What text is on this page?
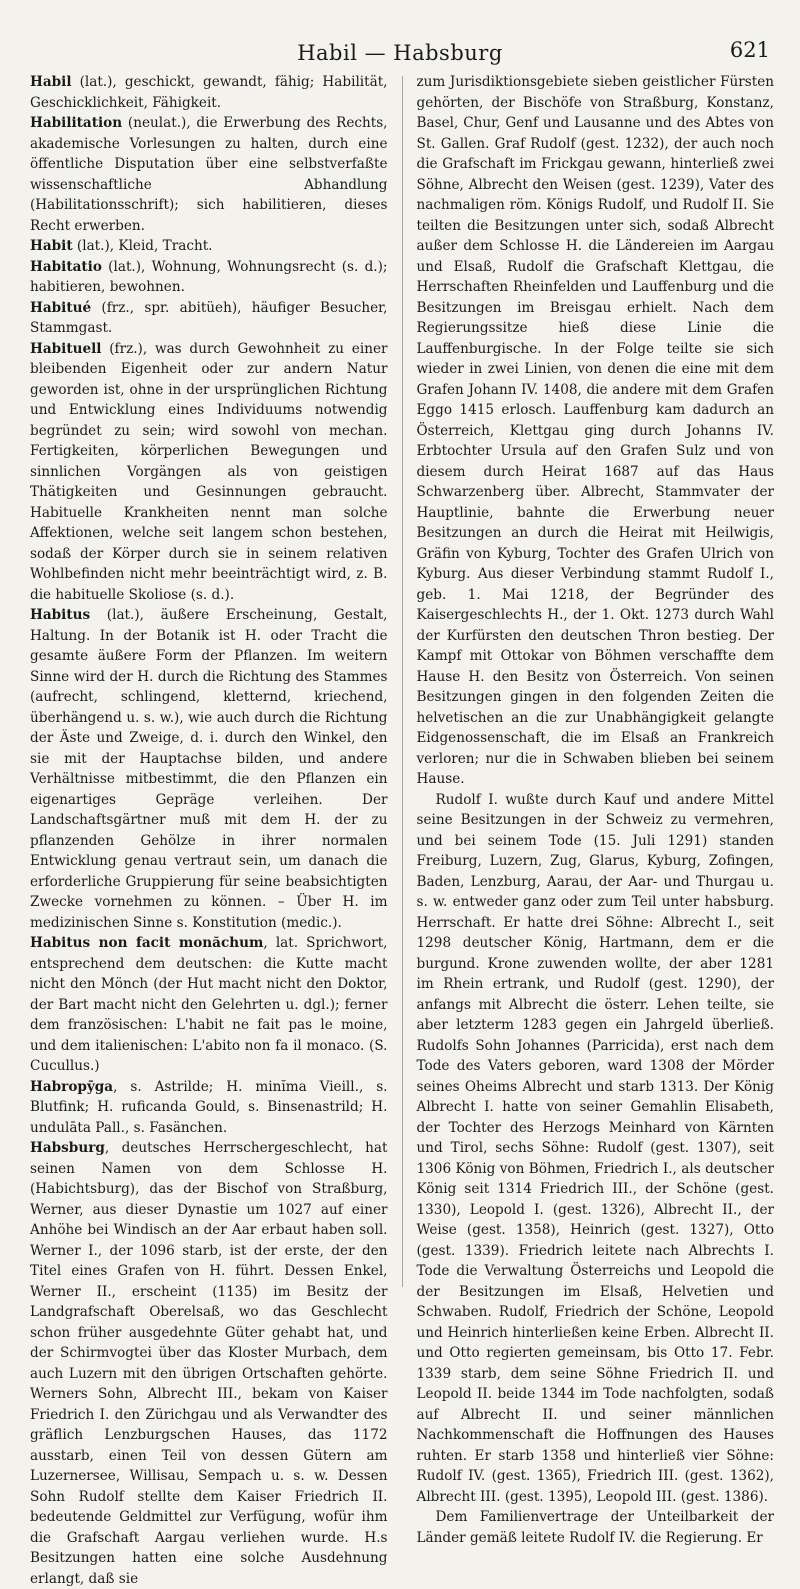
Habil — Habsburg	621

Habil (lat.), geschickt, gewandt, fähig; Habilität, Geschicklichkeit, Fähigkeit.

Habilitation (neulat.), die Erwerbung des Rechts, akademische Vorlesungen zu halten, durch eine öffentliche Disputation über eine selbstverfaßte wissenschaftliche Abhandlung (Habilitationsschrift); sich habilitieren, dieses Recht erwerben.

Habit (lat.), Kleid, Tracht.

Habitatio (lat.), Wohnung, Wohnungsrecht (s. d.); habitieren, bewohnen.

Habitué (frz., spr. abitüeh), häufiger Besucher, Stammgast.

Habituell (frz.), was durch Gewohnheit zu einer bleibenden Eigenheit oder zur andern Natur geworden ist, ohne in der ursprünglichen Richtung und Entwicklung eines Individuums notwendig begründet zu sein; wird sowohl von mechan. Fertigkeiten, körperlichen Bewegungen und sinnlichen Vorgängen als von geistigen Thätigkeiten und Gesinnungen gebraucht. Habituelle Krankheiten nennt man solche Affektionen, welche seit langem schon bestehen, sodaß der Körper durch sie in seinem relativen Wohlbefinden nicht mehr beeinträchtigt wird, z. B. die habituelle Skoliose (s. d.).

Habitus (lat.), äußere Erscheinung, Gestalt, Haltung. In der Botanik ist H. oder Tracht die gesamte äußere Form der Pflanzen. Im weitern Sinne wird der H. durch die Richtung des Stammes (aufrecht, schlingend, kletternd, kriechend, überhängend u. s. w.), wie auch durch die Richtung der Äste und Zweige, d. i. durch den Winkel, den sie mit der Hauptachse bilden, und andere Verhältnisse mitbestimmt, die den Pflanzen ein eigenartiges Gepräge verleihen. Der Landschaftsgärtner muß mit dem H. der zu pflanzenden Gehölze in ihrer normalen Entwicklung genau vertraut sein, um danach die erforderliche Gruppierung für seine beabsichtigten Zwecke vornehmen zu können. – Über H. im medizinischen Sinne s. Konstitution (medic.).

Habitus non facit monăchum, lat. Sprichwort, entsprechend dem deutschen: die Kutte macht nicht den Mönch (der Hut macht nicht den Doktor, der Bart macht nicht den Gelehrten u. dgl.); ferner dem französischen: L'habit ne fait pas le moine, und dem italienischen: L'abito non fa il monaco. (S. Cucullus.)

Habropȳga, s. Astrilde; H. minĭma Vieill., s. Blutfink; H. ruficanda Gould, s. Binsenastrild; H. undulāta Pall., s. Fasänchen.

Habsburg, deutsches Herrschergeschlecht, hat seinen Namen von dem Schlosse H. (Habichtsburg), das der Bischof von Straßburg, Werner, aus dieser Dynastie um 1027 auf einer Anhöhe bei Windisch an der Aar erbaut haben soll. Werner I., der 1096 starb, ist der erste, der den Titel eines Grafen von H. führt. Dessen Enkel, Werner II., erscheint (1135) im Besitz der Landgrafschaft Oberelsaß, wo das Geschlecht schon früher ausgedehnte Güter gehabt hat, und der Schirmvogtei über das Kloster Murbach, dem auch Luzern mit den übrigen Ortschaften gehörte. Werners Sohn, Albrecht III., bekam von Kaiser Friedrich I. den Zürichgau und als Verwandter des gräflich Lenzburgschen Hauses, das 1172 ausstarb, einen Teil von dessen Gütern am Luzernersee, Willisau, Sempach u. s. w. Dessen Sohn Rudolf stellte dem Kaiser Friedrich II. bedeutende Geldmittel zur Verfügung, wofür ihm die Grafschaft Aargau verliehen wurde. H.s Besitzungen hatten eine solche Ausdehnung erlangt, daß sie

zum Jurisdiktionsgebiete sieben geistlicher Fürsten gehörten, der Bischöfe von Straßburg, Konstanz, Basel, Chur, Genf und Lausanne und des Abtes von St. Gallen. Graf Rudolf (gest. 1232), der auch noch die Grafschaft im Frickgau gewann, hinterließ zwei Söhne, Albrecht den Weisen (gest. 1239), Vater des nachmaligen röm. Königs Rudolf, und Rudolf II. Sie teilten die Besitzungen unter sich, sodaß Albrecht außer dem Schlosse H. die Ländereien im Aargau und Elsaß, Rudolf die Grafschaft Klettgau, die Herrschaften Rheinfelden und Lauffenburg und die Besitzungen im Breisgau erhielt. Nach dem Regierungssitze hieß diese Linie die Lauffenburgische. In der Folge teilte sie sich wieder in zwei Linien, von denen die eine mit dem Grafen Johann IV. 1408, die andere mit dem Grafen Eggo 1415 erlosch. Lauffenburg kam dadurch an Österreich, Klettgau ging durch Johanns IV. Erbtochter Ursula auf den Grafen Sulz und von diesem durch Heirat 1687 auf das Haus Schwarzenberg über. Albrecht, Stammvater der Hauptlinie, bahnte die Erwerbung neuer Besitzungen an durch die Heirat mit Heilwigis, Gräfin von Kyburg, Tochter des Grafen Ulrich von Kyburg. Aus dieser Verbindung stammt Rudolf I., geb. 1. Mai 1218, der Begründer des Kaisergeschlechts H., der 1. Okt. 1273 durch Wahl der Kurfürsten den deutschen Thron bestieg. Der Kampf mit Ottokar von Böhmen verschaffte dem Hause H. den Besitz von Österreich. Von seinen Besitzungen gingen in den folgenden Zeiten die helvetischen an die zur Unabhängigkeit gelangte Eidgenossenschaft, die im Elsaß an Frankreich verloren; nur die in Schwaben blieben bei seinem Hause.

Rudolf I. wußte durch Kauf und andere Mittel seine Besitzungen in der Schweiz zu vermehren, und bei seinem Tode (15. Juli 1291) standen Freiburg, Luzern, Zug, Glarus, Kyburg, Zofingen, Baden, Lenzburg, Aarau, der Aar- und Thurgau u. s. w. entweder ganz oder zum Teil unter habsburg. Herrschaft. Er hatte drei Söhne: Albrecht I., seit 1298 deutscher König, Hartmann, dem er die burgund. Krone zuwenden wollte, der aber 1281 im Rhein ertrank, und Rudolf (gest. 1290), der anfangs mit Albrecht die österr. Lehen teilte, sie aber letzterm 1283 gegen ein Jahrgeld überließ. Rudolfs Sohn Johannes (Parricida), erst nach dem Tode des Vaters geboren, ward 1308 der Mörder seines Oheims Albrecht und starb 1313. Der König Albrecht I. hatte von seiner Gemahlin Elisabeth, der Tochter des Herzogs Meinhard von Kärnten und Tirol, sechs Söhne: Rudolf (gest. 1307), seit 1306 König von Böhmen, Friedrich I., als deutscher König seit 1314 Friedrich III., der Schöne (gest. 1330), Leopold I. (gest. 1326), Albrecht II., der Weise (gest. 1358), Heinrich (gest. 1327), Otto (gest. 1339). Friedrich leitete nach Albrechts I. Tode die Verwaltung Österreichs und Leopold die der Besitzungen im Elsaß, Helvetien und Schwaben. Rudolf, Friedrich der Schöne, Leopold und Heinrich hinterließen keine Erben. Albrecht II. und Otto regierten gemeinsam, bis Otto 17. Febr. 1339 starb, dem seine Söhne Friedrich II. und Leopold II. beide 1344 im Tode nachfolgten, sodaß auf Albrecht II. und seiner männlichen Nachkommenschaft die Hoffnungen des Hauses ruhten. Er starb 1358 und hinterließ vier Söhne: Rudolf IV. (gest. 1365), Friedrich III. (gest. 1362), Albrecht III. (gest. 1395), Leopold III. (gest. 1386).

Dem Familienvertrage der Unteilbarkeit der Länder gemäß leitete Rudolf IV. die Regierung. Er
